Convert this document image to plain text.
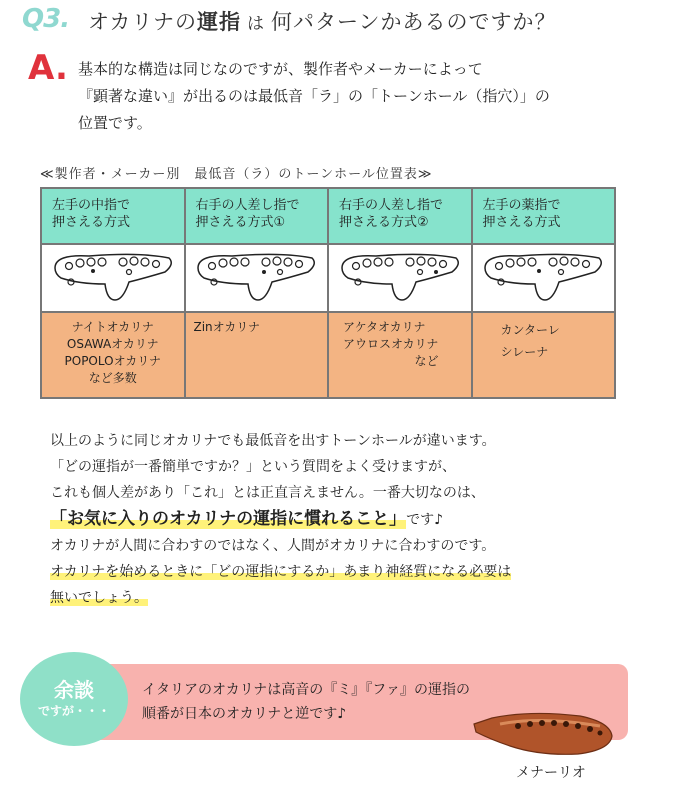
Q3. オカリナの運指 は 何パターンかあるのですか？
A. 基本的な構造は同じなのですが、製作者やメーカーによって
『顕著な違い』が出るのは最低音「ラ」の「トーンホール（指穴）」の
位置です。
≪製作者・メーカー別　最低音（ラ）のトーンホール位置表≫
左手の中指で
押さえる方式
ナイトオカリナ
OSAWAオカリナ
POPOLOオカリナ
など多数
右手の人差し指で
押さえる方式①
Zinオカリナ
右手の人差し指で
押さえる方式②
アケタオカリナ
アウロスオカリナ
など
左手の薬指で
押さえる方式
カンターレ
シレーナ
以上のように同じオカリナでも最低音を出すトーンホールが違います。
「どの運指が一番簡単ですか？」という質問をよく受けますが、
これも個人差があり「これ」とは正直言えません。一番大切なのは、
「お気に入りのオカリナの運指に慣れること」です♪
オカリナが人間に合わすのではなく、人間がオカリナに合わすのです。
オカリナを始めるときに「どの運指にするか」あまり神経質になる必要は
無いでしょう。
余談
ですが・・・
イタリアのオカリナは高音の『ミ』『ファ』の運指の
順番が日本のオカリナと逆です♪
メナーリオ
